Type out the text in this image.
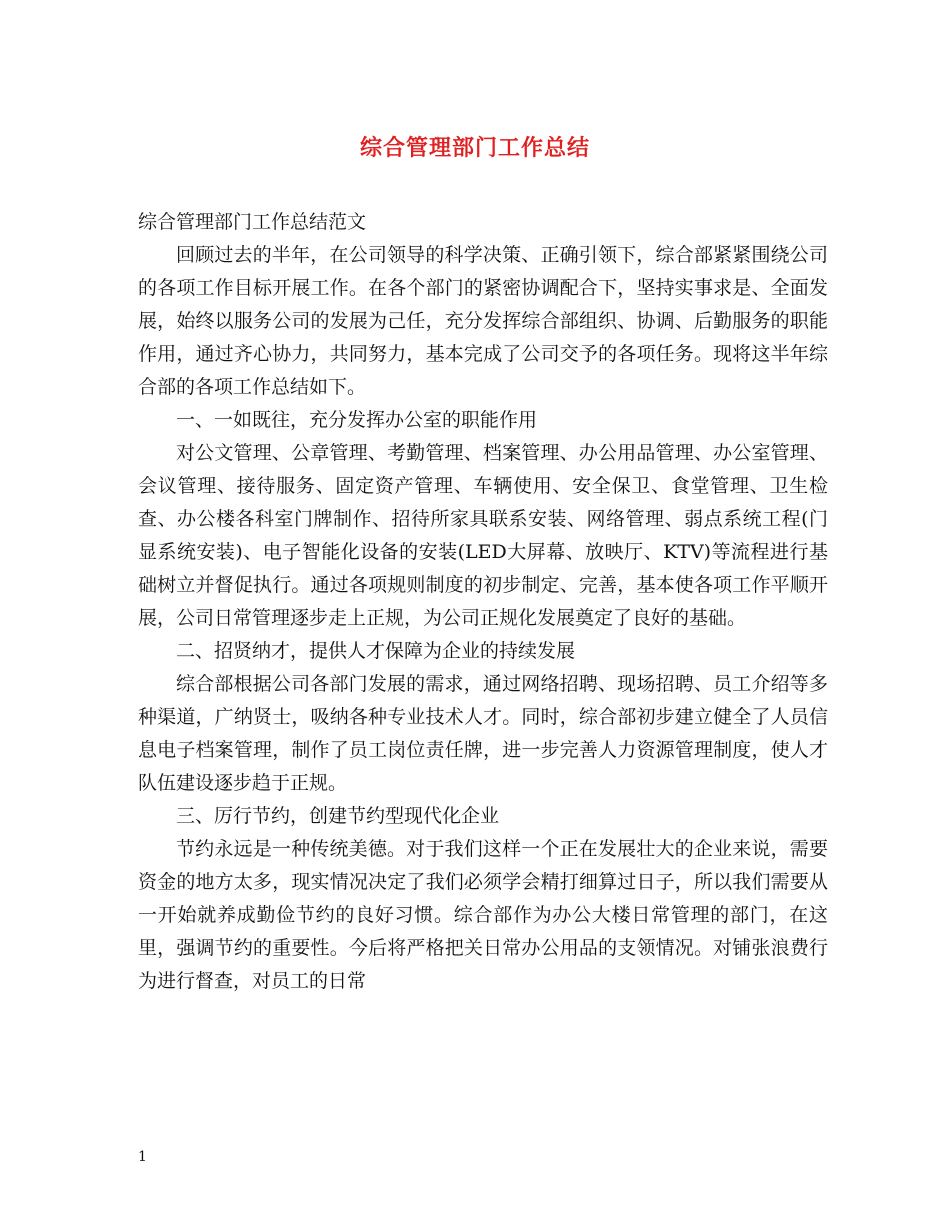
综合管理部门工作总结

综合管理部门工作总结范文

回顾过去的半年，在公司领导的科学决策、正确引领下，综合部紧紧围绕公司的各项工作目标开展工作。在各个部门的紧密协调配合下，坚持实事求是、全面发展，始终以服务公司的发展为己任，充分发挥综合部组织、协调、后勤服务的职能作用，通过齐心协力，共同努力，基本完成了公司交予的各项任务。现将这半年综合部的各项工作总结如下。

一、一如既往，充分发挥办公室的职能作用

对公文管理、公章管理、考勤管理、档案管理、办公用品管理、办公室管理、会议管理、接待服务、固定资产管理、车辆使用、安全保卫、食堂管理、卫生检查、办公楼各科室门牌制作、招待所家具联系安装、网络管理、弱点系统工程(门显系统安装)、电子智能化设备的安装(LED大屏幕、放映厅、KTV)等流程进行基础树立并督促执行。通过各项规则制度的初步制定、完善，基本使各项工作平顺开展，公司日常管理逐步走上正规，为公司正规化发展奠定了良好的基础。

二、招贤纳才，提供人才保障为企业的持续发展

综合部根据公司各部门发展的需求，通过网络招聘、现场招聘、员工介绍等多种渠道，广纳贤士，吸纳各种专业技术人才。同时，综合部初步建立健全了人员信息电子档案管理，制作了员工岗位责任牌，进一步完善人力资源管理制度，使人才队伍建设逐步趋于正规。

三、厉行节约，创建节约型现代化企业

节约永远是一种传统美德。对于我们这样一个正在发展壮大的企业来说，需要资金的地方太多，现实情况决定了我们必须学会精打细算过日子，所以我们需要从一开始就养成勤俭节约的良好习惯。综合部作为办公大楼日常管理的部门，在这里，强调节约的重要性。今后将严格把关日常办公用品的支领情况。对铺张浪费行为进行督查，对员工的日常

1
